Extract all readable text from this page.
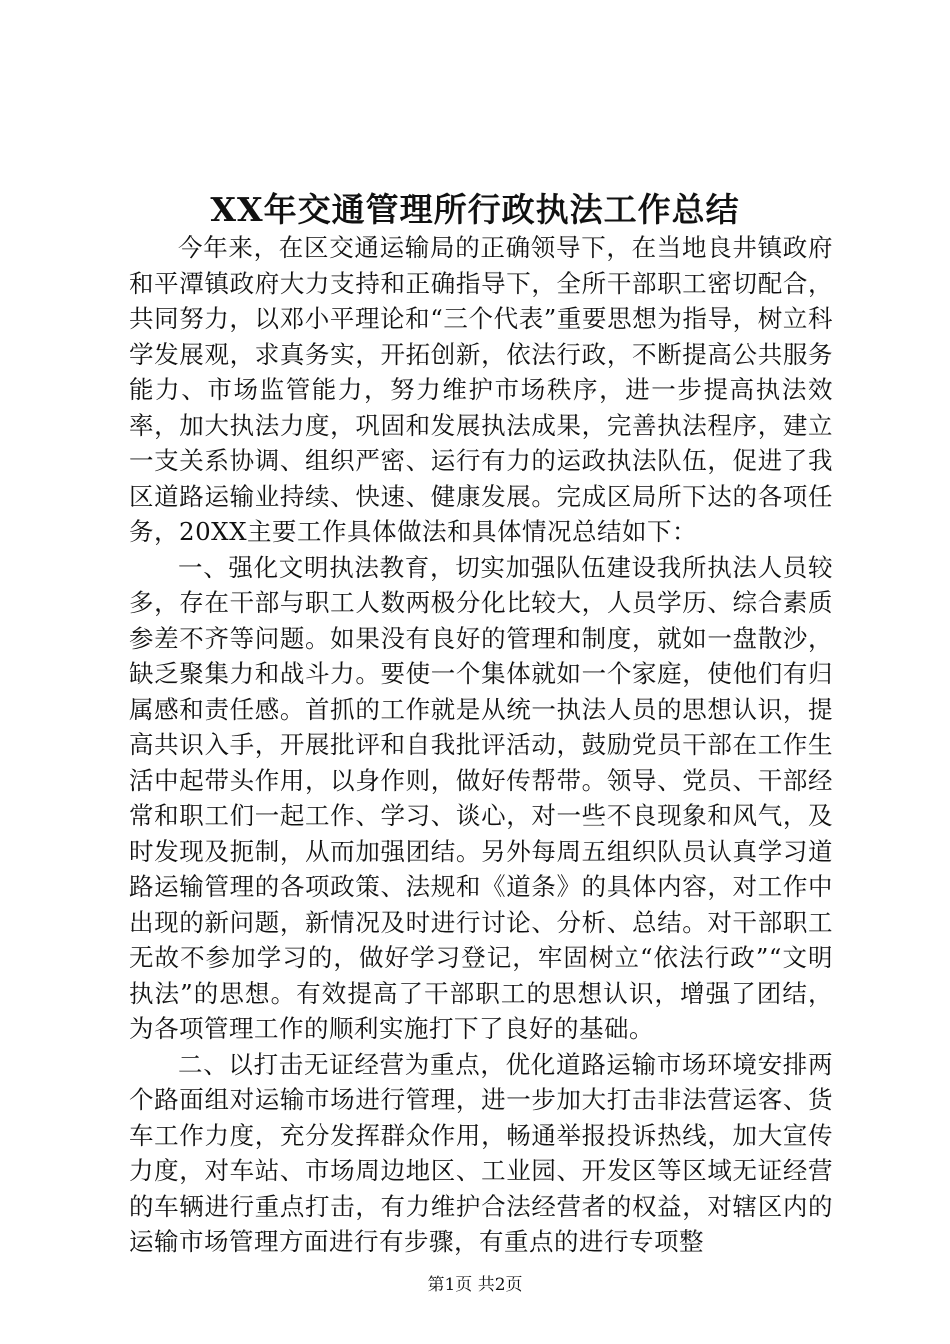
XX年交通管理所行政执法工作总结

今年来，在区交通运输局的正确领导下，在当地良井镇政府和平潭镇政府大力支持和正确指导下，全所干部职工密切配合，共同努力，以邓小平理论和“三个代表”重要思想为指导，树立科学发展观，求真务实，开拓创新，依法行政，不断提高公共服务能力、市场监管能力，努力维护市场秩序，进一步提高执法效率，加大执法力度，巩固和发展执法成果，完善执法程序，建立一支关系协调、组织严密、运行有力的运政执法队伍，促进了我区道路运输业持续、快速、健康发展。完成区局所下达的各项任务，20XX主要工作具体做法和具体情况总结如下：

一、强化文明执法教育，切实加强队伍建设我所执法人员较多，存在干部与职工人数两极分化比较大，人员学历、综合素质参差不齐等问题。如果没有良好的管理和制度，就如一盘散沙，缺乏聚集力和战斗力。要使一个集体就如一个家庭，使他们有归属感和责任感。首抓的工作就是从统一执法人员的思想认识，提高共识入手，开展批评和自我批评活动，鼓励党员干部在工作生活中起带头作用，以身作则，做好传帮带。领导、党员、干部经常和职工们一起工作、学习、谈心，对一些不良现象和风气，及时发现及扼制，从而加强团结。另外每周五组织队员认真学习道路运输管理的各项政策、法规和《道条》的具体内容，对工作中出现的新问题，新情况及时进行讨论、分析、总结。对干部职工无故不参加学习的，做好学习登记，牢固树立“依法行政”“文明执法”的思想。有效提高了干部职工的思想认识，增强了团结，为各项管理工作的顺利实施打下了良好的基础。

二、以打击无证经营为重点，优化道路运输市场环境安排两个路面组对运输市场进行管理，进一步加大打击非法营运客、货车工作力度，充分发挥群众作用，畅通举报投诉热线，加大宣传力度，对车站、市场周边地区、工业园、开发区等区域无证经营的车辆进行重点打击，有力维护合法经营者的权益，对辖区内的运输市场管理方面进行有步骤，有重点的进行专项整

第1页 共2页
